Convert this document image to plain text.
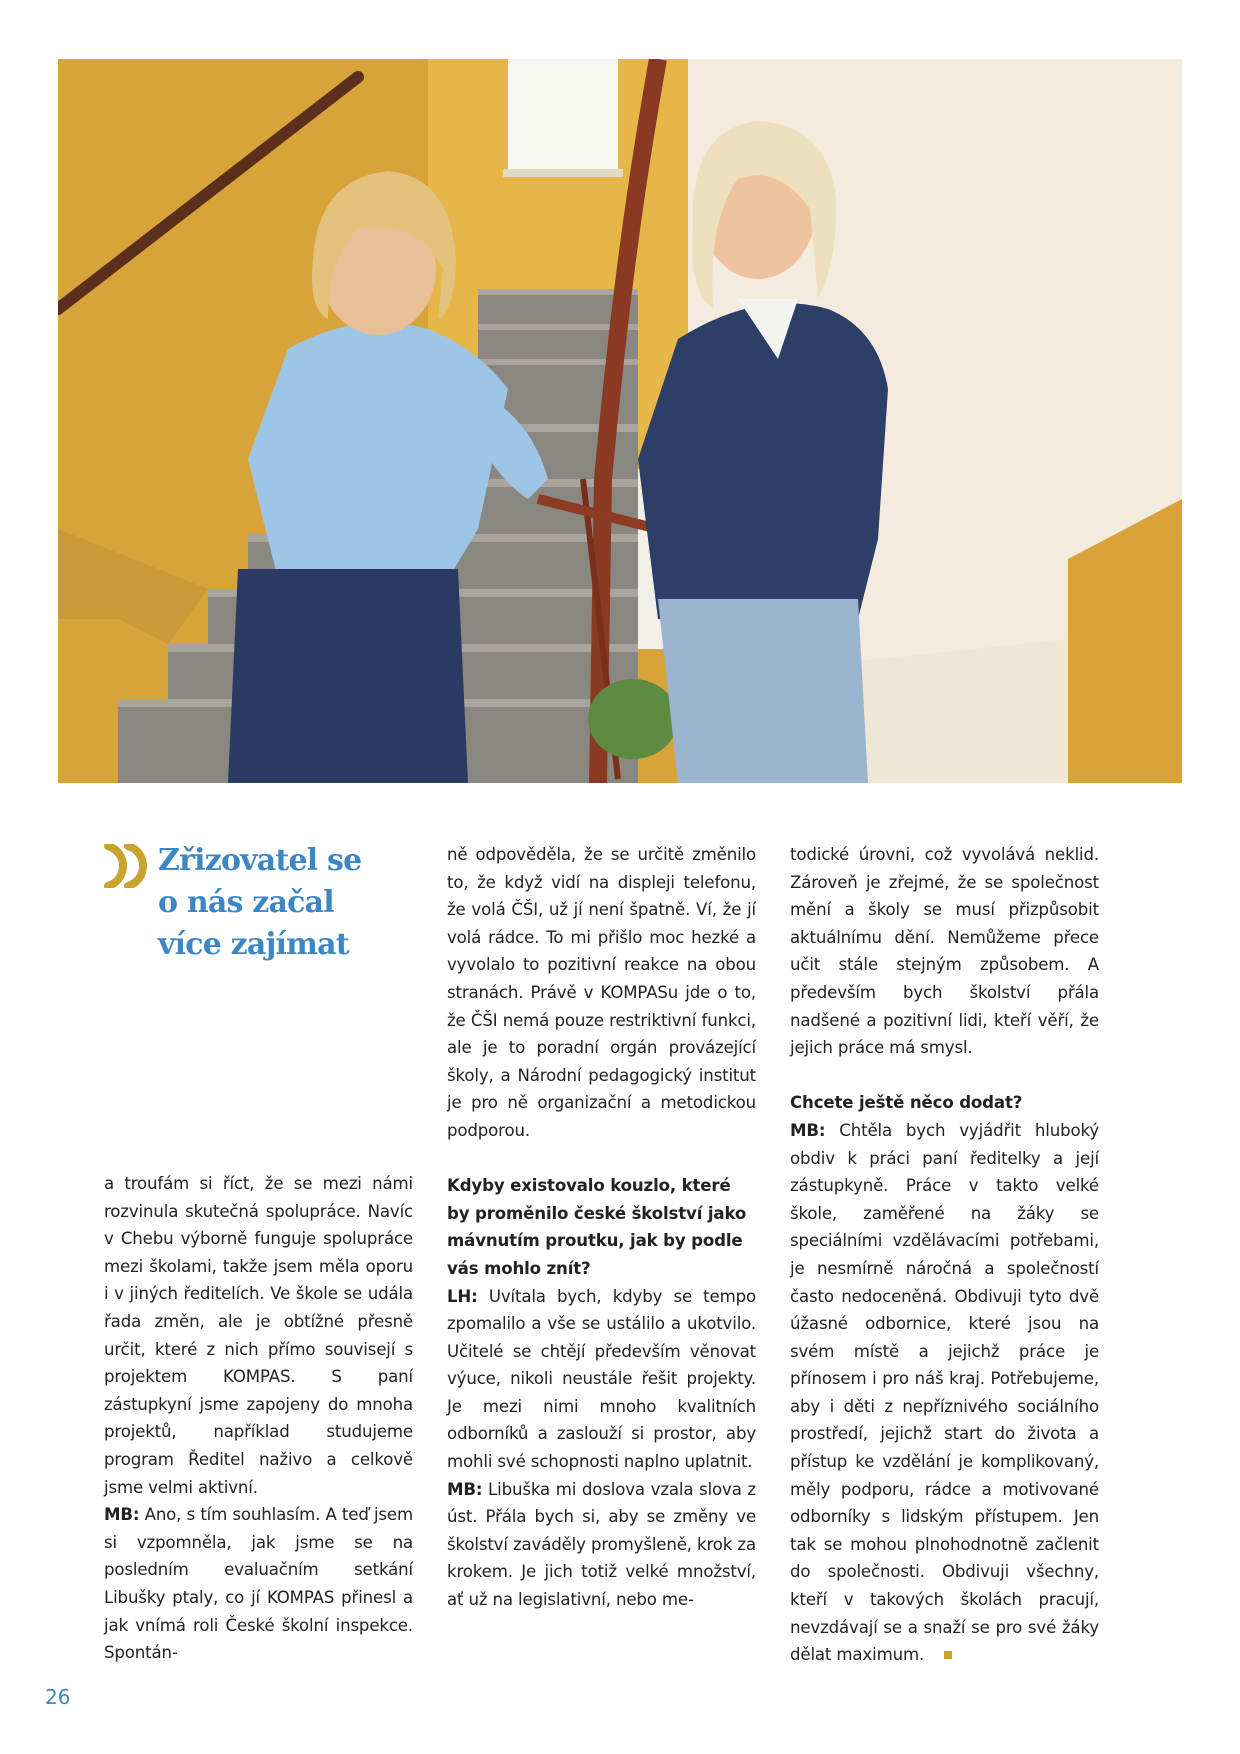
Zřizovatel se o nás začal více zajímat

a troufám si říct, že se mezi námi rozvinula skutečná spolupráce. Navíc v Chebu výborně funguje spolupráce mezi školami, takže jsem měla oporu i v jiných ředitelích. Ve škole se udála řada změn, ale je obtížné přesně určit, které z nich přímo souvisejí s projektem KOMPAS. S paní zástupkyní jsme zapojeny do mnoha projektů, například studujeme program Ředitel naživo a celkově jsme velmi aktivní.

MB: Ano, s tím souhlasím. A teď jsem si vzpomněla, jak jsme se na posledním evaluačním setkání Libušky ptaly, co jí KOMPAS přinesl a jak vnímá roli České školní inspekce. Spontán-

ně odpověděla, že se určitě změnilo to, že když vidí na displeji telefonu, že volá ČŠI, už jí není špatně. Ví, že jí volá rádce. To mi přišlo moc hezké a vyvolalo to pozitivní reakce na obou stranách. Právě v KOMPASu jde o to, že ČŠI nemá pouze restriktivní funkci, ale je to poradní orgán provázející školy, a Národní pedagogický institut je pro ně organizační a metodickou podporou.

Kdyby existovalo kouzlo, které by proměnilo české školství jako mávnutím proutku, jak by podle vás mohlo znít?

LH: Uvítala bych, kdyby se tempo zpomalilo a vše se ustálilo a ukotvilo. Učitelé se chtějí především věnovat výuce, nikoli neustále řešit projekty. Je mezi nimi mnoho kvalitních odborníků a zaslouží si prostor, aby mohli své schopnosti naplno uplatnit.

MB: Libuška mi doslova vzala slova z úst. Přála bych si, aby se změny ve školství zaváděly promyšleně, krok za krokem. Je jich totiž velké množství, ať už na legislativní, nebo me-

todické úrovni, což vyvolává neklid. Zároveň je zřejmé, že se společnost mění a školy se musí přizpůsobit aktuálnímu dění. Nemůžeme přece učit stále stejným způsobem. A především bych školství přála nadšené a pozitivní lidi, kteří věří, že jejich práce má smysl.

Chcete ještě něco dodat?

MB: Chtěla bych vyjádřit hluboký obdiv k práci paní ředitelky a její zástupkyně. Práce v takto velké škole, zaměřené na žáky se speciálními vzdělávacími potřebami, je nesmírně náročná a společností často nedoceněná. Obdivuji tyto dvě úžasné odbornice, které jsou na svém místě a jejichž práce je přínosem i pro náš kraj. Potřebujeme, aby i děti z nepříznivého sociálního prostředí, jejichž start do života a přístup ke vzdělání je komplikovaný, měly podporu, rádce a motivované odborníky s lidským přístupem. Jen tak se mohou plnohodnotně začlenit do společnosti. Obdivuji všechny, kteří v takových školách pracují, nevzdávají se a snaží se pro své žáky dělat maximum.

26
